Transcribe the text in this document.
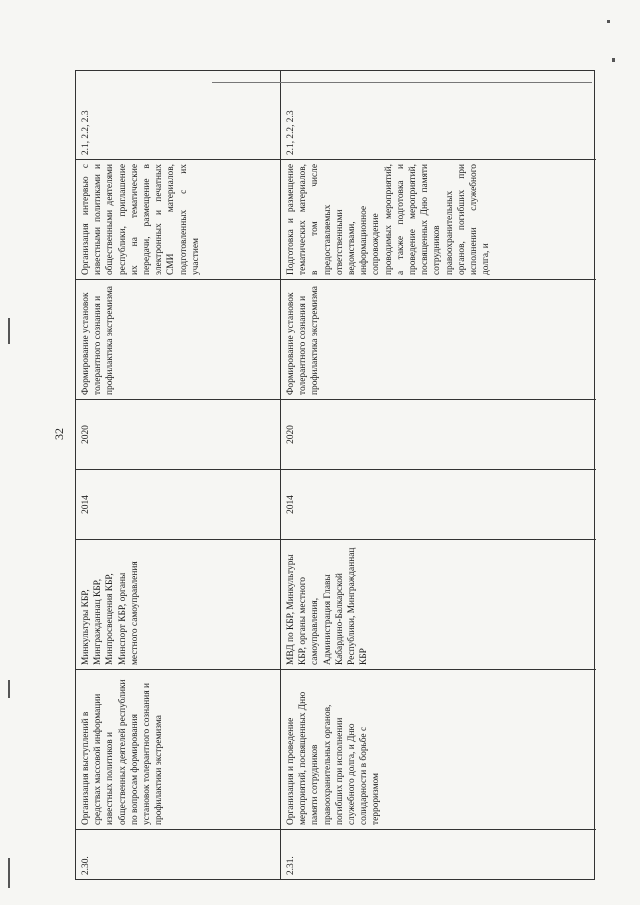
32
2.30.
Организация выступлений в средствах массовой информации известных политиков и общественных деятелей республики по вопросам формирования установок толерантного сознания и профилактики экстремизма
Минкультуры КБР, Мингражданнац КБР, Минпросвещения КБР, Минспорт КБР, органы местного самоуправления
2014
2020
Формирование установок толерантного сознания и профилактика экстремизма
Организация интервью с известными политиками и общественными деятелями республики, приглашение их на тематические передачи, размещение в электронных и печатных СМИ материалов, подготовленных с их участием
2.1, 2.2, 2.3
2.31.
Организация и проведение мероприятий, посвященных Дню памяти сотрудников правоохранительных органов, погибших при исполнении служебного долга, и Дню солидарности в борьбе с терроризмом
МВД по КБР, Минкультуры КБР, органы местного самоуправления, Администрация Главы Кабардино-Балкарской Республики, Мингражданнац КБР
2014
2020
Формирование установок толерантного сознания и профилактика экстремизма
Подготовка и размещение тематических материалов, в том числе предоставляемых ответственными ведомствами, информационное сопровождение проводимых мероприятий, а также подготовка и проведение мероприятий, посвященных Дню памяти сотрудников правоохранительных органов, погибших при исполнении служебного долга, и
2.1, 2.2, 2.3
